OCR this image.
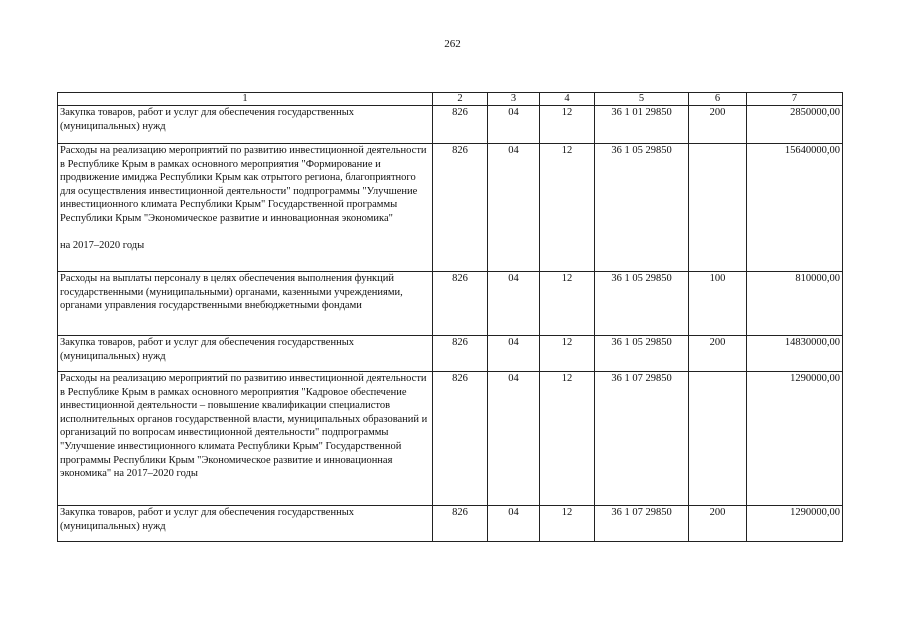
262
1	2	3	4	5	6	7

Закупка товаров, работ и услуг для обеспечения государственных (муниципальных) нужд	826	04	12	36 1 01 29850	200	2850000,00

Расходы на реализацию мероприятий по развитию инвестиционной деятельности в Республике Крым в рамках основного мероприятия "Формирование и продвижение имиджа Республики Крым как отрытого региона, благоприятного для осуществления инвестиционной деятельности" подпрограммы "Улучшение инвестиционного климата Республики Крым" Государственной программы Республики Крым "Экономическое развитие и инновационная экономика"
на 2017–2020 годы	826	04	12	36 1 05 29850		15640000,00

Расходы на выплаты персоналу в целях обеспечения выполнения функций государственными (муниципальными) органами, казенными учреждениями, органами управления государственными внебюджетными фондами	826	04	12	36 1 05 29850	100	810000,00

Закупка товаров, работ и услуг для обеспечения государственных (муниципальных) нужд	826	04	12	36 1 05 29850	200	14830000,00

Расходы на реализацию мероприятий по развитию инвестиционной деятельности в Республике Крым в рамках основного мероприятия "Кадровое обеспечение инвестиционной деятельности – повышение квалификации специалистов исполнительных органов государственной власти, муниципальных образований и организаций по вопросам инвестиционной деятельности" подпрограммы "Улучшение инвестиционного климата Республики Крым" Государственной программы Республики Крым "Экономическое развитие и инновационная экономика" на 2017–2020 годы	826	04	12	36 1 07 29850		1290000,00

Закупка товаров, работ и услуг для обеспечения государственных (муниципальных) нужд	826	04	12	36 1 07 29850	200	1290000,00
